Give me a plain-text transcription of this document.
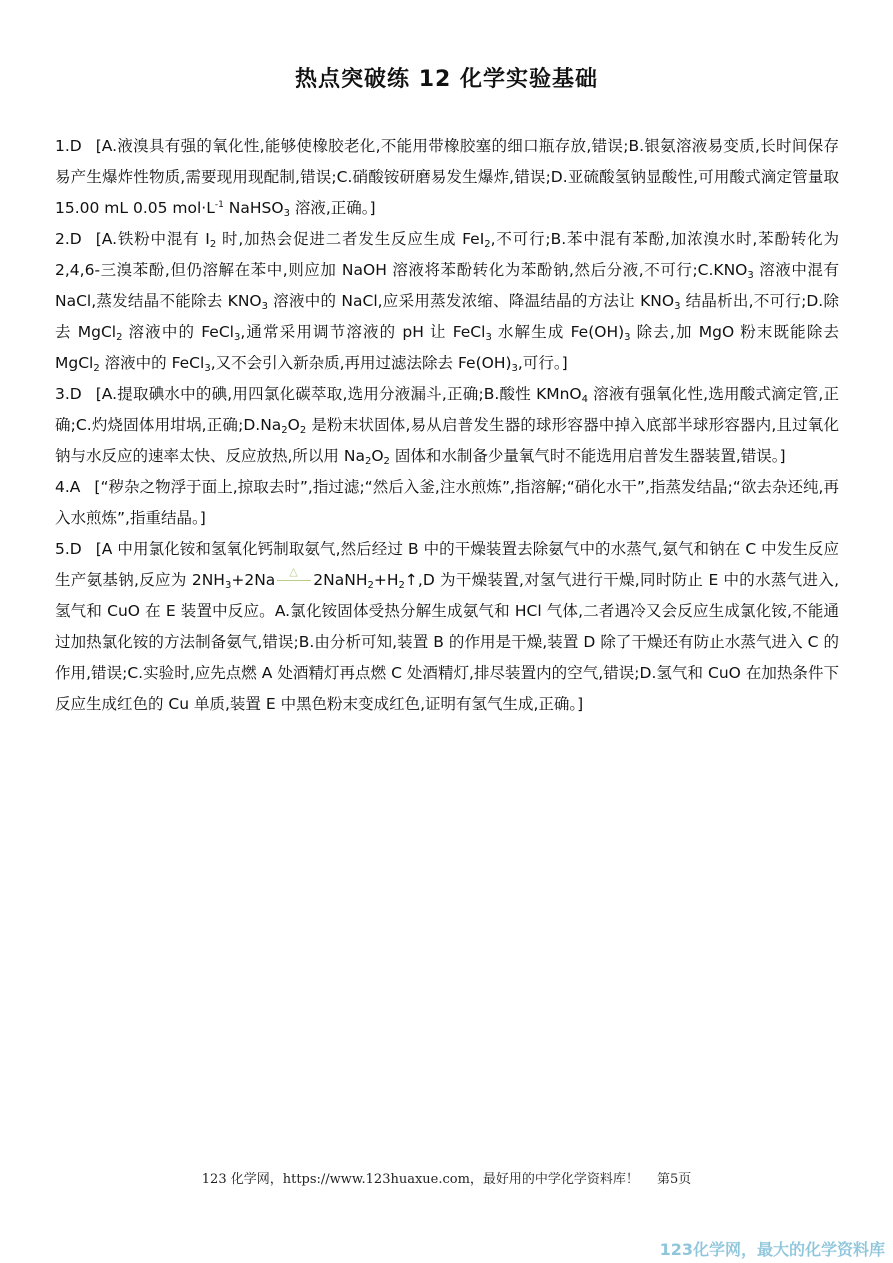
热点突破练 12 化学实验基础

1.D [A.液溴具有强的氧化性,能够使橡胶老化,不能用带橡胶塞的细口瓶存放,错误;B.银氨溶液易变质,长时间保存易产生爆炸性物质,需要现用现配制,错误;C.硝酸铵研磨易发生爆炸,错误;D.亚硫酸氢钠显酸性,可用酸式滴定管量取 15.00 mL 0.05 $mol\cdot L^{-1}$ NaHSO$_3$ 溶液,正确。]

2.D [A.铁粉中混有 $I_2$ 时,加热会促进二者发生反应生成 FeI$_2$,不可行;B.苯中混有苯酚,加浓溴水时,苯酚转化为 2,4,6-三溴苯酚,但仍溶解在苯中,则应加 NaOH 溶液将苯酚转化为苯酚钠,然后分液,不可行$;C.KNO_3$ 溶液中混有 NaCl,蒸发结晶不能除去 $KNO_3$ 溶液中的 NaCl,应采用蒸发浓缩、降温结晶的方法让 $KNO_3$ 结晶析出,不可行;D.除去 MgCl$_2$ 溶液中的 FeCl$_3$,通常采用调节溶液的 pH 让 FeCl$_3$ 水解生成 $Fe(OH)_3$ 除去,加 MgO 粉末既能除去 MgCl$_2$ 溶液中的 FeCl$_3$,又不会引入新杂质,再用过滤法除去 $Fe(OH)_3$,可行。]

3.D [A.提取碘水中的碘,用四氯化碳萃取,选用分液漏斗,正确;B.酸性 KMnO$_4$ 溶液有强氧化性,选用酸式滴定管,正确;C.灼烧固体用坩埚,正确$;D.Na_2O_2$ 是粉末状固体,易从启普发生器的球形容器中掉入底部半球形容器内,且过氧化钠与水反应的速率太快、反应放热,所以用 $Na_2O_2$ 固体和水制备少量氧气时不能选用启普发生器装置,错误。]

4.A [“秽杂之物浮于面上,掠取去时”,指过滤;“然后入釜,注水煎炼”,指溶解;“硝化水干”,指蒸发结晶;“欲去杂还纯,再入水煎炼”,指重结晶。]

5.D [A 中用氯化铵和氢氧化钙制取氨气,然后经过 B 中的干燥装置去除氨气中的水蒸气,氨气和钠在 C 中发生反应生产氨基钠,反应为 $2NH_3+2Na$ △ $2NaNH_2+H_2↑,D$ 为干燥装置,对氢气进行干燥,同时防止 E 中的水蒸气进入,氢气和 CuO 在 E 装置中反应。A.氯化铵固体受热分解生成氨气和 HCl 气体,二者遇冷又会反应生成氯化铵,不能通过加热氯化铵的方法制备氨气,错误;B.由分析可知,装置 B 的作用是干燥,装置 D 除了干燥还有防止水蒸气进入 C 的作用,错误;C.实验时,应先点燃 A 处酒精灯再点燃 C 处酒精灯,排尽装置内的空气,错误;D.氢气和 CuO 在加热条件下反应生成红色的 Cu 单质,装置 E 中黑色粉末变成红色,证明有氢气生成,正确。]

123 化学网，https://www.123huaxue.com，最好用的中学化学资料库！ 第5页
123化学网，最大的化学资料库
